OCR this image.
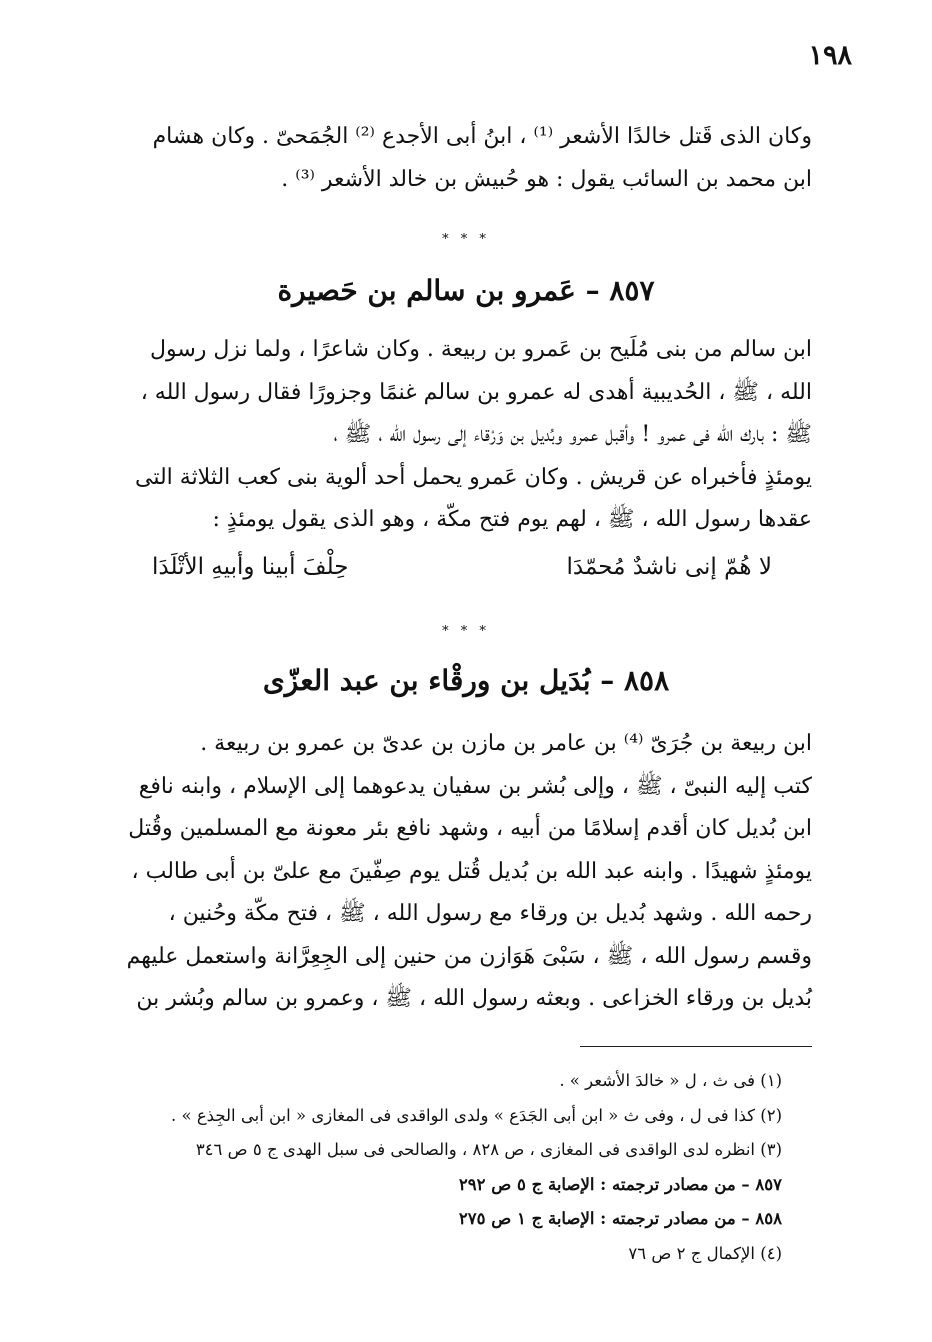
١٩٨
وكان الذى قَتل خالدًا الأشعر ⁽¹⁾ ، ابنُ أبى الأجدع ⁽²⁾ الجُمَحىّ . وكان هشام
ابن محمد بن السائب يقول : هو حُبيش بن خالد الأشعر ⁽³⁾ .
* * *
٨٥٧ – عَمرو بن سالم بن حَصيرة
ابن سالم من بنى مُلَيح بن عَمرو بن ربيعة . وكان شاعرًا ، ولما نزل رسول
الله ، ﷺ ، الحُديبية أهدى له عمرو بن سالم غنمًا وجزورًا فقال رسول الله ،
ﷺ : بارك الله فى عمرو ! وأقبل عمرو وبُديل بن وَرْقاء إلى رسول الله ، ﷺ ،
يومئذٍ فأخبراه عن قريش . وكان عَمرو يحمل أحد ألوية بنى كعب الثلاثة التى
عقدها رسول الله ، ﷺ ، لهم يوم فتح مكّة ، وهو الذى يقول يومئذٍ :
لا هُمّ إنى ناشدٌ مُحمّدَا
حِلْفَ أبينا وأبيهِ الأتْلَدَا
* * *
٨٥٨ – بُدَيل بن ورقْاء بن عبد العزّى
ابن ربيعة بن جُرَىّ ⁽⁴⁾ بن عامر بن مازن بن عدىّ بن عمرو بن ربيعة .
كتب إليه النبىّ ، ﷺ ، وإلى بُشر بن سفيان يدعوهما إلى الإسلام ، وابنه نافع
ابن بُديل كان أقدم إسلامًا من أبيه ، وشهد نافع بئر معونة مع المسلمين وقُتل
يومئذٍ شهيدًا . وابنه عبد الله بن بُديل قُتل يوم صِفّينَ مع علىّ بن أبى طالب ،
رحمه الله . وشهد بُديل بن ورقاء مع رسول الله ، ﷺ ، فتح مكّة وحُنين ،
وقسم رسول الله ، ﷺ ، سَبْىَ هَوَازن من حنين إلى الجِعِرَّانة واستعمل عليهم
بُديل بن ورقاء الخزاعى . وبعثه رسول الله ، ﷺ ، وعمرو بن سالم وبُشر بن
(١) فى ث ، ل « خالدَ الأشعر » .
(٢) كذا فى ل ، وفى ث « ابن أبى الجَدَع » ولدى الواقدى فى المغازى « ابن أبى الجِذع » .
(٣) انظره لدى الواقدى فى المغازى ، ص ٨٢٨ ، والصالحى فى سبل الهدى ج ٥ ص ٣٤٦
٨٥٧ – من مصادر ترجمته : الإصابة ج ٥ ص ٢٩٢
٨٥٨ – من مصادر ترجمته : الإصابة ج ١ ص ٢٧٥
(٤) الإكمال ج ٢ ص ٧٦
